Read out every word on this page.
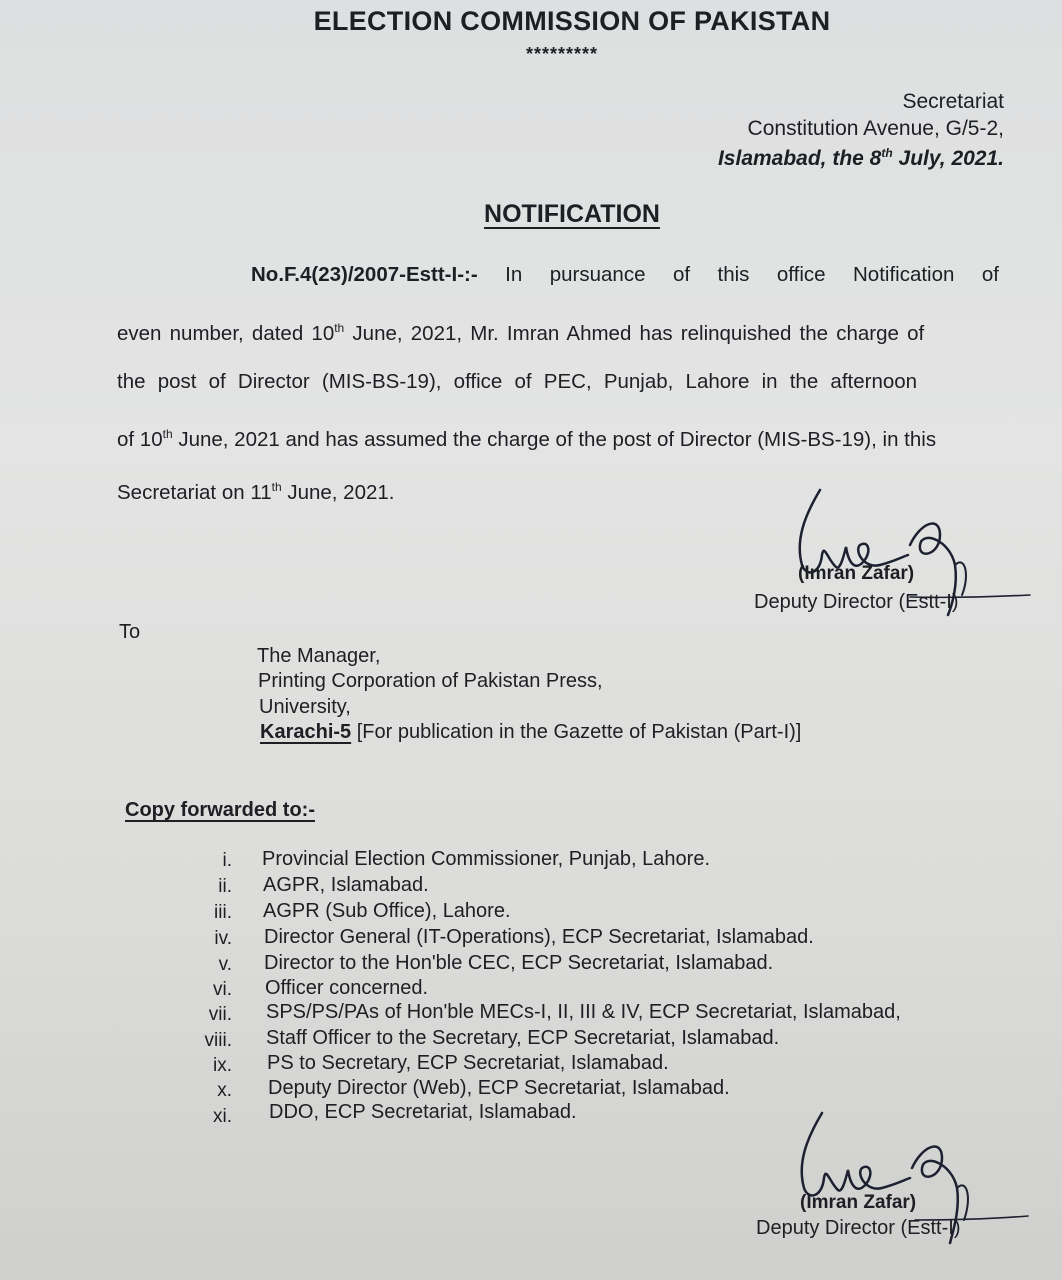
ELECTION COMMISSION OF PAKISTAN
*********
Secretariat
Constitution Avenue, G/5-2,
Islamabad, the 8th July, 2021.
NOTIFICATION
No.F.4(23)/2007-Estt-I-:- In pursuance of this office Notification of
even number, dated 10th June, 2021, Mr. Imran Ahmed has relinquished the charge of
the post of Director (MIS-BS-19), office of PEC, Punjab, Lahore in the afternoon
of 10th June, 2021 and has assumed the charge of the post of Director (MIS-BS-19), in this
Secretariat on 11th June, 2021.
(Imran Zafar)
Deputy Director (Estt-I)
To
The Manager,
Printing Corporation of Pakistan Press,
University,
Karachi-5 [For publication in the Gazette of Pakistan (Part-I)]
Copy forwarded to:-
i. Provincial Election Commissioner, Punjab, Lahore.
ii. AGPR, Islamabad.
iii. AGPR (Sub Office), Lahore.
iv. Director General (IT-Operations), ECP Secretariat, Islamabad.
v. Director to the Hon'ble CEC, ECP Secretariat, Islamabad.
vi. Officer concerned.
vii. SPS/PS/PAs of Hon'ble MECs-I, II, III & IV, ECP Secretariat, Islamabad,
viii. Staff Officer to the Secretary, ECP Secretariat, Islamabad.
ix. PS to Secretary, ECP Secretariat, Islamabad.
x. Deputy Director (Web), ECP Secretariat, Islamabad.
xi. DDO, ECP Secretariat, Islamabad.
(Imran Zafar)
Deputy Director (Estt-I)
